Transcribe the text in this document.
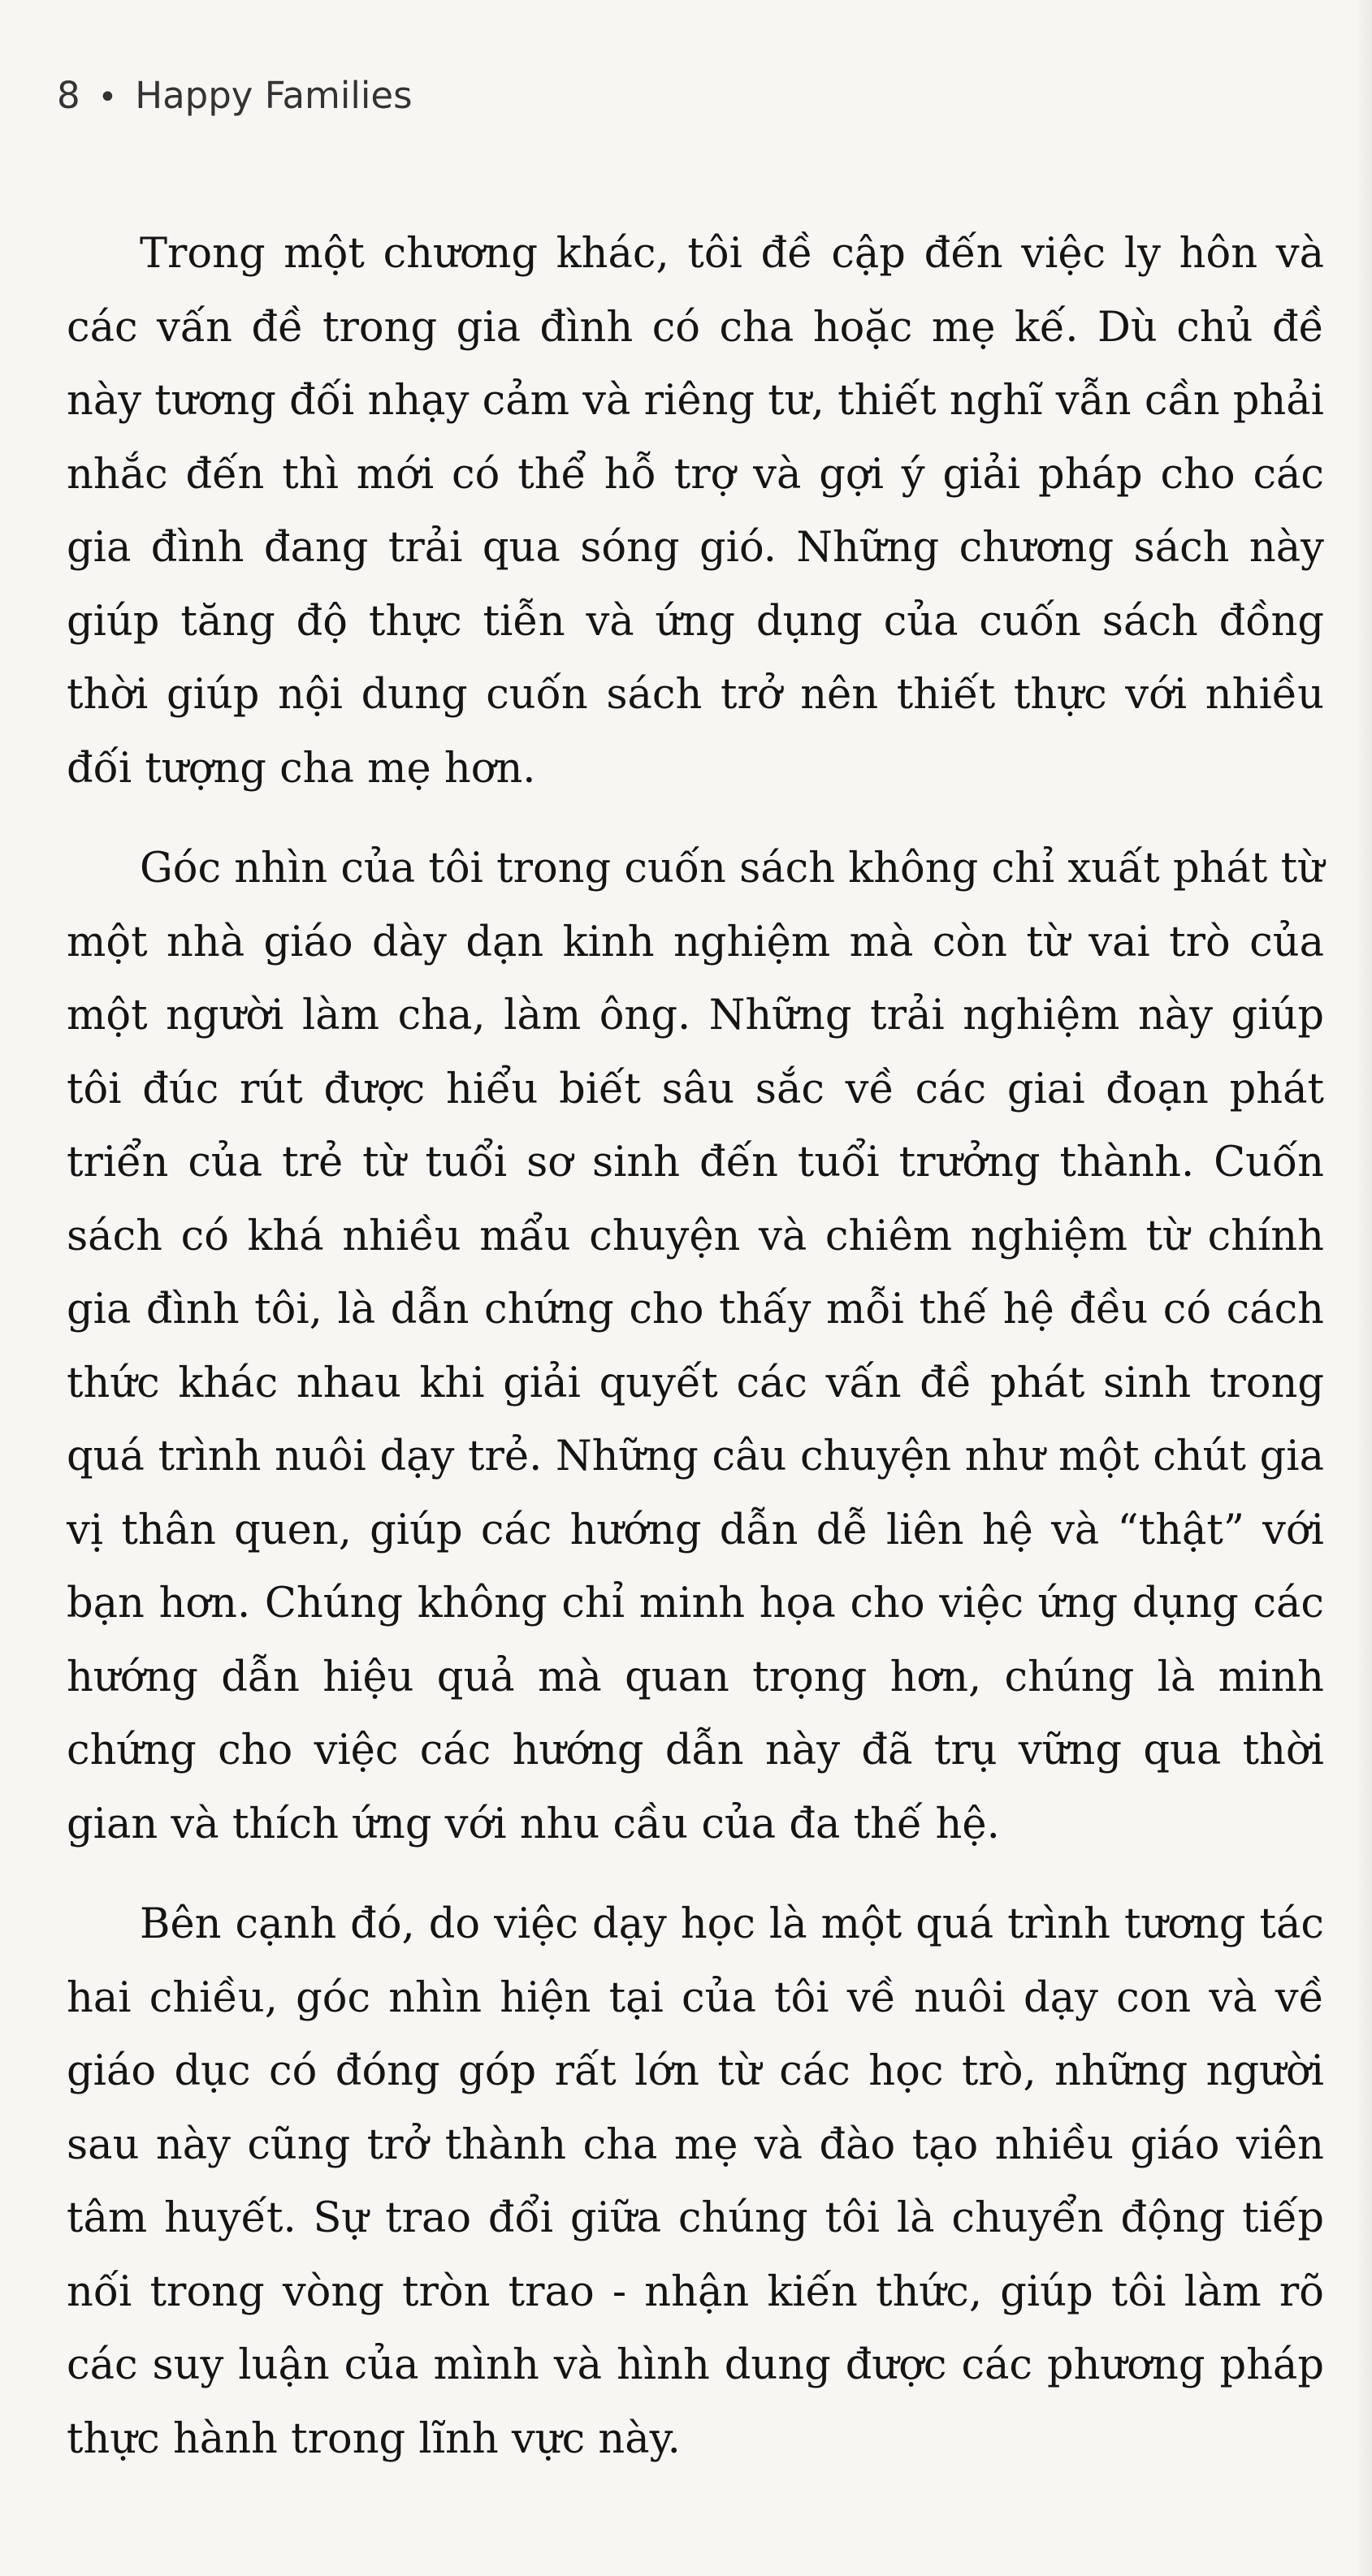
8 • Happy Families

Trong một chương khác, tôi đề cập đến việc ly hôn và các vấn đề trong gia đình có cha hoặc mẹ kế. Dù chủ đề này tương đối nhạy cảm và riêng tư, thiết nghĩ vẫn cần phải nhắc đến thì mới có thể hỗ trợ và gợi ý giải pháp cho các gia đình đang trải qua sóng gió. Những chương sách này giúp tăng độ thực tiễn và ứng dụng của cuốn sách đồng thời giúp nội dung cuốn sách trở nên thiết thực với nhiều đối tượng cha mẹ hơn.

Góc nhìn của tôi trong cuốn sách không chỉ xuất phát từ một nhà giáo dày dạn kinh nghiệm mà còn từ vai trò của một người làm cha, làm ông. Những trải nghiệm này giúp tôi đúc rút được hiểu biết sâu sắc về các giai đoạn phát triển của trẻ từ tuổi sơ sinh đến tuổi trưởng thành. Cuốn sách có khá nhiều mẩu chuyện và chiêm nghiệm từ chính gia đình tôi, là dẫn chứng cho thấy mỗi thế hệ đều có cách thức khác nhau khi giải quyết các vấn đề phát sinh trong quá trình nuôi dạy trẻ. Những câu chuyện như một chút gia vị thân quen, giúp các hướng dẫn dễ liên hệ và “thật” với bạn hơn. Chúng không chỉ minh họa cho việc ứng dụng các hướng dẫn hiệu quả mà quan trọng hơn, chúng là minh chứng cho việc các hướng dẫn này đã trụ vững qua thời gian và thích ứng với nhu cầu của đa thế hệ.

Bên cạnh đó, do việc dạy học là một quá trình tương tác hai chiều, góc nhìn hiện tại của tôi về nuôi dạy con và về giáo dục có đóng góp rất lớn từ các học trò, những người sau này cũng trở thành cha mẹ và đào tạo nhiều giáo viên tâm huyết. Sự trao đổi giữa chúng tôi là chuyển động tiếp nối trong vòng tròn trao - nhận kiến thức, giúp tôi làm rõ các suy luận của mình và hình dung được các phương pháp thực hành trong lĩnh vực này.
